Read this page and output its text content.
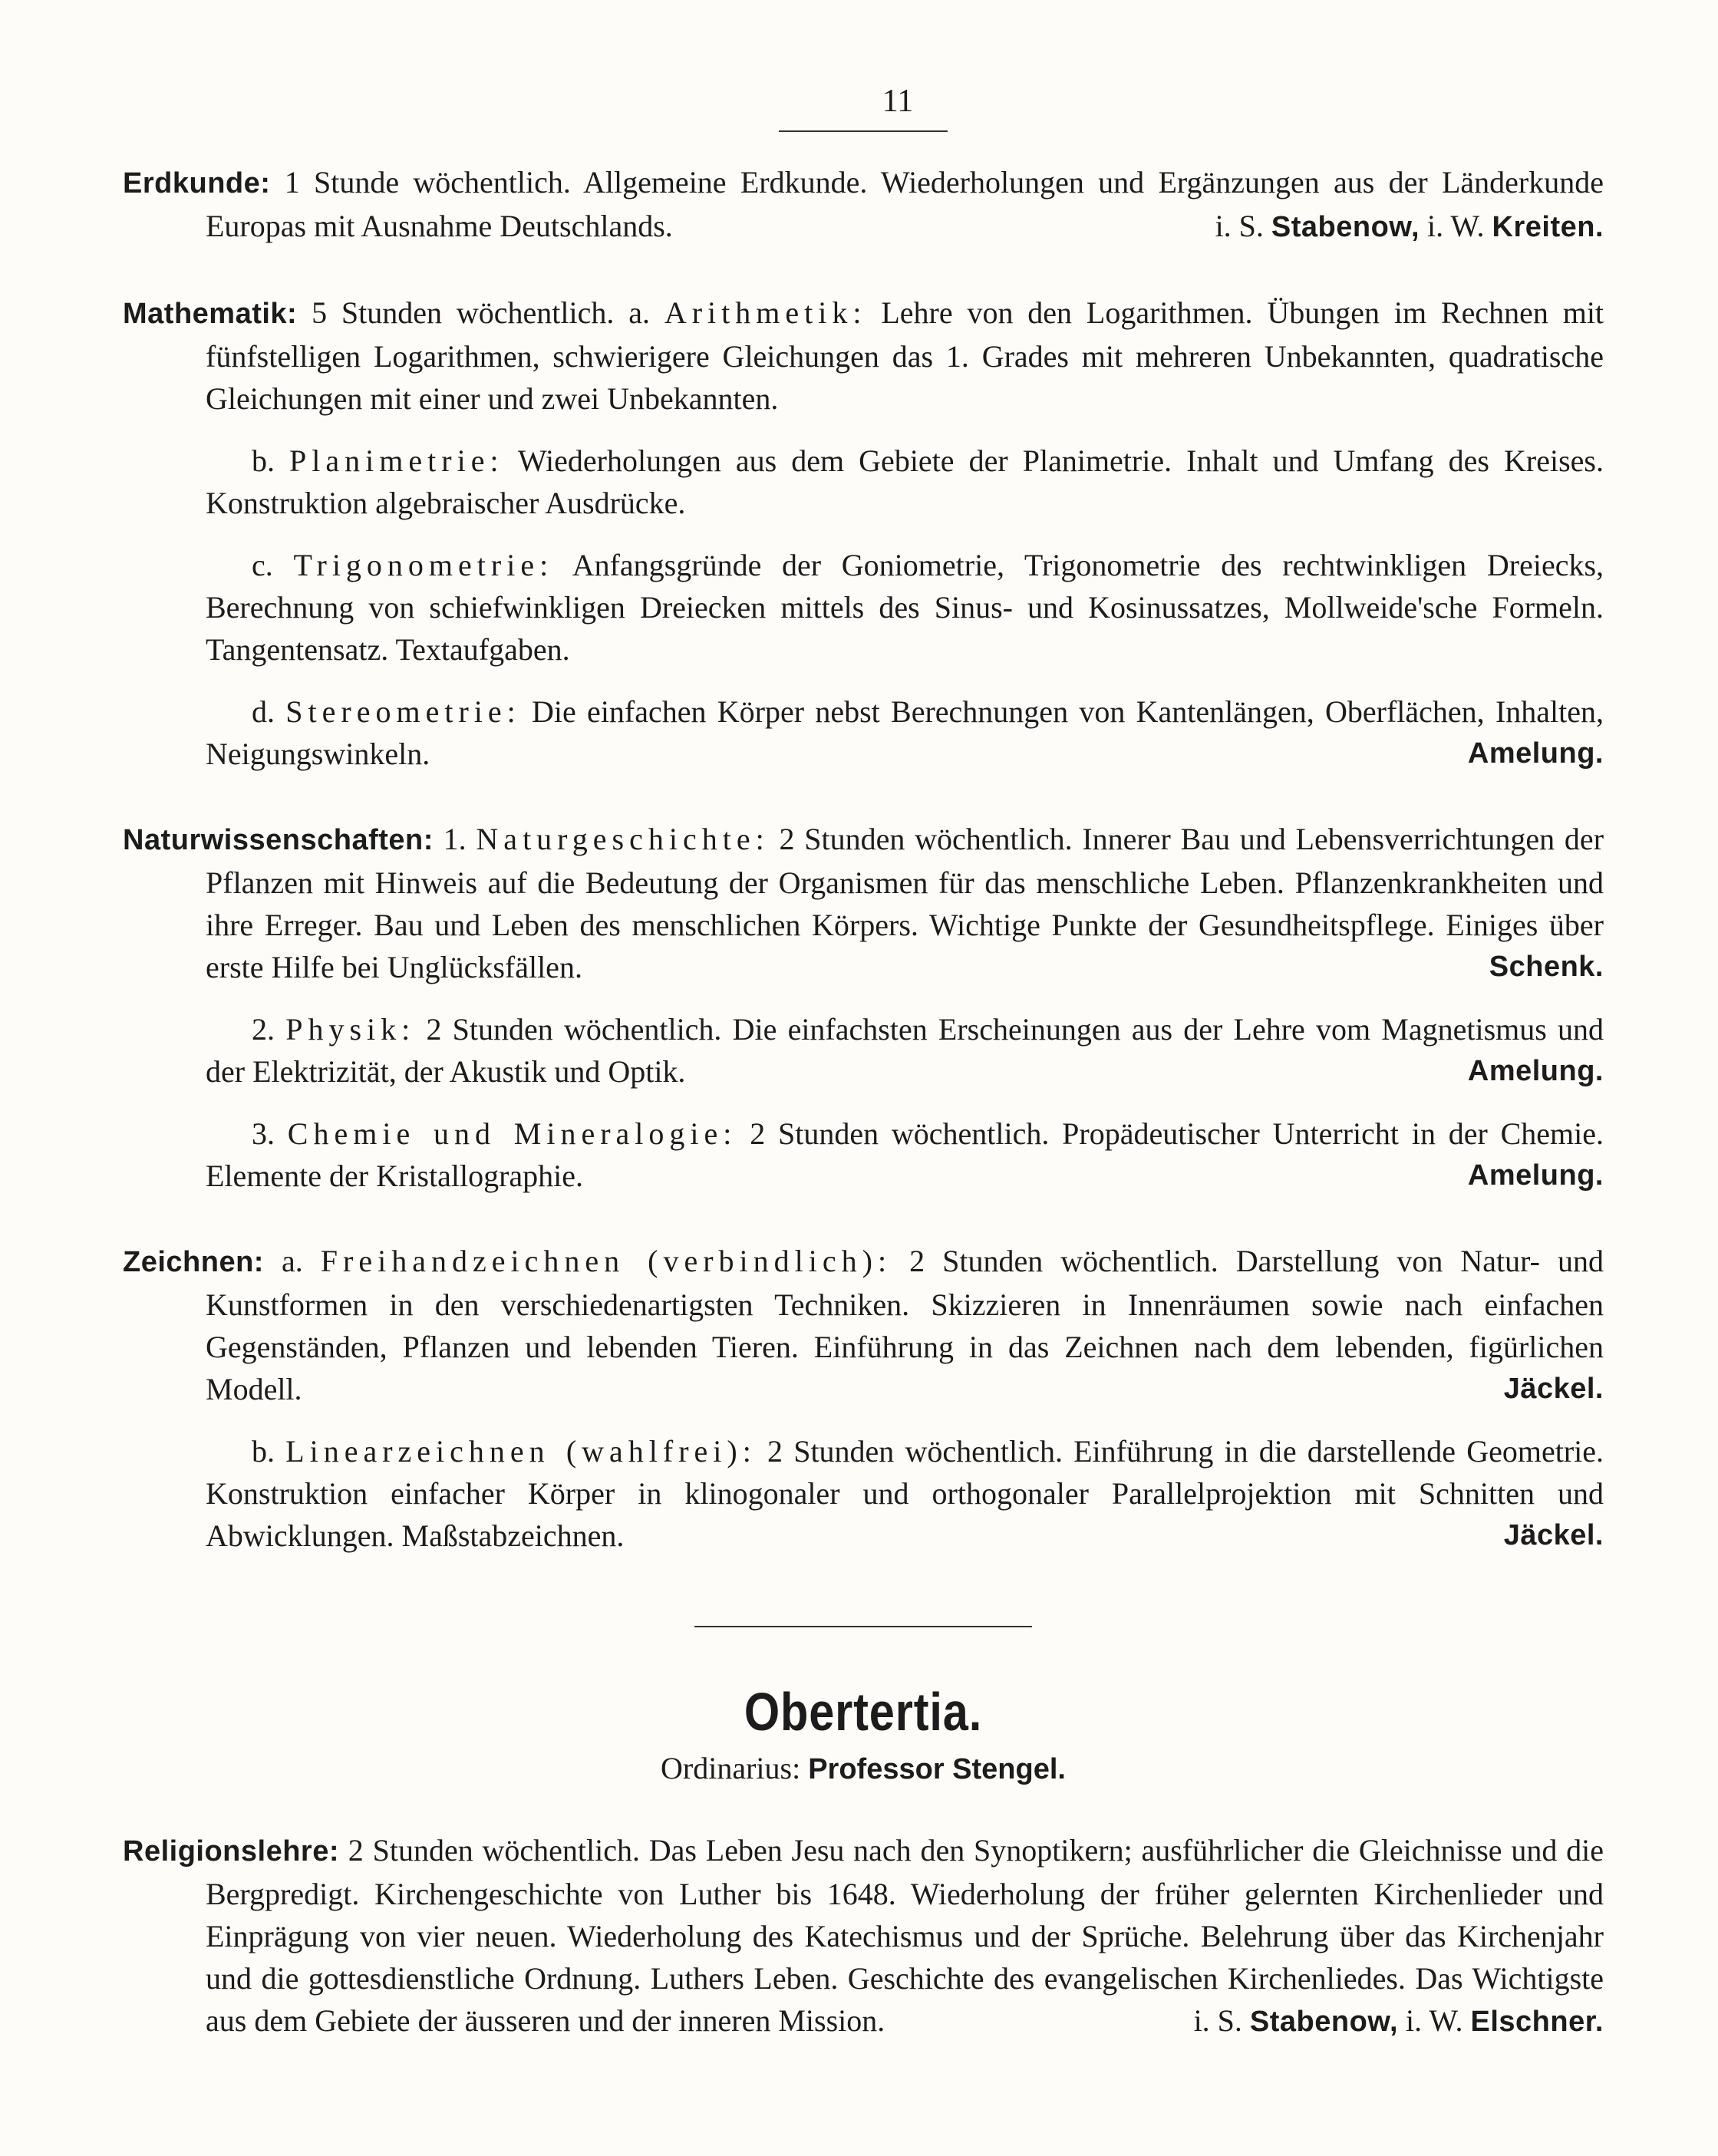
11
Erdkunde: 1 Stunde wöchentlich. Allgemeine Erdkunde. Wiederholungen und Ergänzungen aus der Länderkunde Europas mit Ausnahme Deutschlands.	i. S. Stabenow, i. W. Kreiten.
Mathematik: 5 Stunden wöchentlich. a. Arithmetik: Lehre von den Logarithmen. Übungen im Rechnen mit fünfstelligen Logarithmen, schwierigere Gleichungen das 1. Grades mit mehreren Unbekannten, quadratische Gleichungen mit einer und zwei Unbekannten.
b. Planimetrie: Wiederholungen aus dem Gebiete der Planimetrie. Inhalt und Umfang des Kreises. Konstruktion algebraischer Ausdrücke.
c. Trigonometrie: Anfangsgründe der Goniometrie, Trigonometrie des rechtwinkligen Dreiecks, Berechnung von schiefwinkligen Dreiecken mittels des Sinus- und Kosinussatzes, Mollweide'sche Formeln. Tangentensatz. Textaufgaben.
d. Stereometrie: Die einfachen Körper nebst Berechnungen von Kantenlängen, Oberflächen, Inhalten, Neigungswinkeln.	Amelung.
Naturwissenschaften: 1. Naturgeschichte: 2 Stunden wöchentlich. Innerer Bau und Lebensverrichtungen der Pflanzen mit Hinweis auf die Bedeutung der Organismen für das menschliche Leben. Pflanzenkrankheiten und ihre Erreger. Bau und Leben des menschlichen Körpers. Wichtige Punkte der Gesundheitspflege. Einiges über erste Hilfe bei Unglücksfällen.	Schenk.
2. Physik: 2 Stunden wöchentlich. Die einfachsten Erscheinungen aus der Lehre vom Magnetismus und der Elektrizität, der Akustik und Optik.	Amelung.
3. Chemie und Mineralogie: 2 Stunden wöchentlich. Propädeutischer Unterricht in der Chemie. Elemente der Kristallographie.	Amelung.
Zeichnen: a. Freihandzeichnen (verbindlich): 2 Stunden wöchentlich. Darstellung von Natur- und Kunstformen in den verschiedenartigsten Techniken. Skizzieren in Innenräumen sowie nach einfachen Gegenständen, Pflanzen und lebenden Tieren. Einführung in das Zeichnen nach dem lebenden, figürlichen Modell.	Jäckel.
b. Linearzeichnen (wahlfrei): 2 Stunden wöchentlich. Einführung in die darstellende Geometrie. Konstruktion einfacher Körper in klinogonaler und orthogonaler Parallelprojektion mit Schnitten und Abwicklungen. Maßstabzeichnen.	Jäckel.
Obertertia.
Ordinarius: Professor Stengel.
Religionslehre: 2 Stunden wöchentlich. Das Leben Jesu nach den Synoptikern; ausführlicher die Gleichnisse und die Bergpredigt. Kirchengeschichte von Luther bis 1648. Wiederholung der früher gelernten Kirchenlieder und Einprägung von vier neuen. Wiederholung des Katechismus und der Sprüche. Belehrung über das Kirchenjahr und die gottesdienstliche Ordnung. Luthers Leben. Geschichte des evangelischen Kirchenliedes. Das Wichtigste aus dem Gebiete der äusseren und der inneren Mission.	i. S. Stabenow, i. W. Elschner.
